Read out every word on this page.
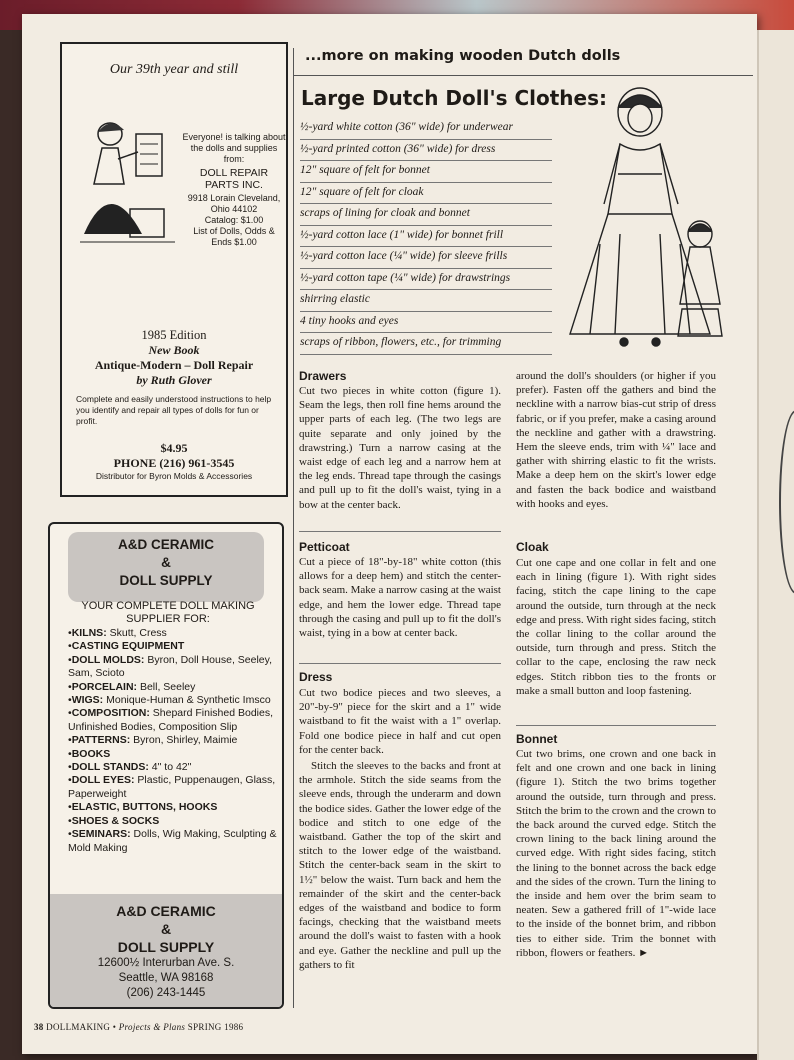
Our 39th year and still
Everyone! is talking about the dolls and supplies from:
DOLL REPAIR PARTS INC.
9918 Lorain Cleveland, Ohio 44102
Catalog: $1.00
List of Dolls, Odds & Ends $1.00
1985 Edition
New Book
Antique-Modern – Doll Repair
by Ruth Glover
Complete and easily understood instructions to help you identify and repair all types of dolls for fun or profit.
$4.95
PHONE (216) 961-3545
Distributor for Byron Molds & Accessories
A&D CERAMIC
&
DOLL SUPPLY
YOUR COMPLETE DOLL MAKING SUPPLIER FOR:
• KILNS: Skutt, Cress
• CASTING EQUIPMENT
• DOLL MOLDS: Byron, Doll House, Seeley, Sam, Scioto
• PORCELAIN: Bell, Seeley
• WIGS: Monique-Human & Synthetic Imsco
• COMPOSITION: Shepard Finished Bodies, Unfinished Bodies, Composition Slip
• PATTERNS: Byron, Shirley, Maimie
• BOOKS
• DOLL STANDS: 4" to 42"
• DOLL EYES: Plastic, Puppenaugen, Glass, Paperweight
• ELASTIC, BUTTONS, HOOKS
• SHOES & SOCKS
• SEMINARS: Dolls, Wig Making, Sculpting & Mold Making
A&D CERAMIC
&
DOLL SUPPLY
12600½ Interurban Ave. S.
Seattle, WA 98168
(206) 243-1445
...more on making wooden Dutch dolls
Large Dutch Doll's Clothes:
½-yard white cotton (36" wide) for underwear
½-yard printed cotton (36" wide) for dress
12" square of felt for bonnet
12" square of felt for cloak
scraps of lining for cloak and bonnet
½-yard cotton lace (1" wide) for bonnet frill
½-yard cotton lace (¼" wide) for sleeve frills
½-yard cotton tape (¼" wide) for drawstrings
shirring elastic
4 tiny hooks and eyes
scraps of ribbon, flowers, etc., for trimming
Drawers
Cut two pieces in white cotton (figure 1). Seam the legs, then roll fine hems around the upper parts of each leg. (The two legs are quite separate and only joined by the drawstring.) Turn a narrow casing at the waist edge of each leg and a narrow hem at the leg ends. Thread tape through the casings and pull up to fit the doll's waist, tying in a bow at the center back.
Petticoat
Cut a piece of 18"-by-18" white cotton (this allows for a deep hem) and stitch the center-back seam. Make a narrow casing at the waist edge, and hem the lower edge. Thread tape through the casing and pull up to fit the doll's waist, tying in a bow at center back.
Dress
Cut two bodice pieces and two sleeves, a 20"-by-9" piece for the skirt and a 1" wide waistband to fit the waist with a 1" overlap. Fold one bodice piece in half and cut open for the center back.
Stitch the sleeves to the backs and front at the armhole. Stitch the side seams from the sleeve ends, through the underarm and down the bodice sides. Gather the lower edge of the bodice and stitch to one edge of the waistband. Gather the top of the skirt and stitch to the lower edge of the waistband. Stitch the center-back seam in the skirt to 1½" below the waist. Turn back and hem the remainder of the skirt and the center-back edges of the waistband and bodice to form facings, checking that the waistband meets around the doll's waist to fasten with a hook and eye. Gather the neckline and pull up the gathers to fit
around the doll's shoulders (or higher if you prefer). Fasten off the gathers and bind the neckline with a narrow bias-cut strip of dress fabric, or if you prefer, make a casing around the neckline and gather with a drawstring. Hem the sleeve ends, trim with ¼" lace and gather with shirring elastic to fit the wrists. Make a deep hem on the skirt's lower edge and fasten the back bodice and waistband with hooks and eyes.
Cloak
Cut one cape and one collar in felt and one each in lining (figure 1). With right sides facing, stitch the cape lining to the cape around the outside, turn through at the neck edge and press. With right sides facing, stitch the collar lining to the collar around the outside, turn through and press. Stitch the collar to the cape, enclosing the raw neck edges. Stitch ribbon ties to the fronts or make a small button and loop fastening.
Bonnet
Cut two brims, one crown and one back in felt and one crown and one back in lining (figure 1). Stitch the two brims together around the outside, turn through and press. Stitch the brim to the crown and the crown to the back around the curved edge. Stitch the crown lining to the back lining around the curved edge. With right sides facing, stitch the lining to the bonnet across the back edge and the sides of the crown. Turn the lining to the inside and hem over the brim seam to neaten. Sew a gathered frill of 1"-wide lace to the inside of the bonnet brim, and ribbon ties to either side. Trim the bonnet with ribbon, flowers or feathers. ►
38 DOLLMAKING • Projects & Plans SPRING 1986
